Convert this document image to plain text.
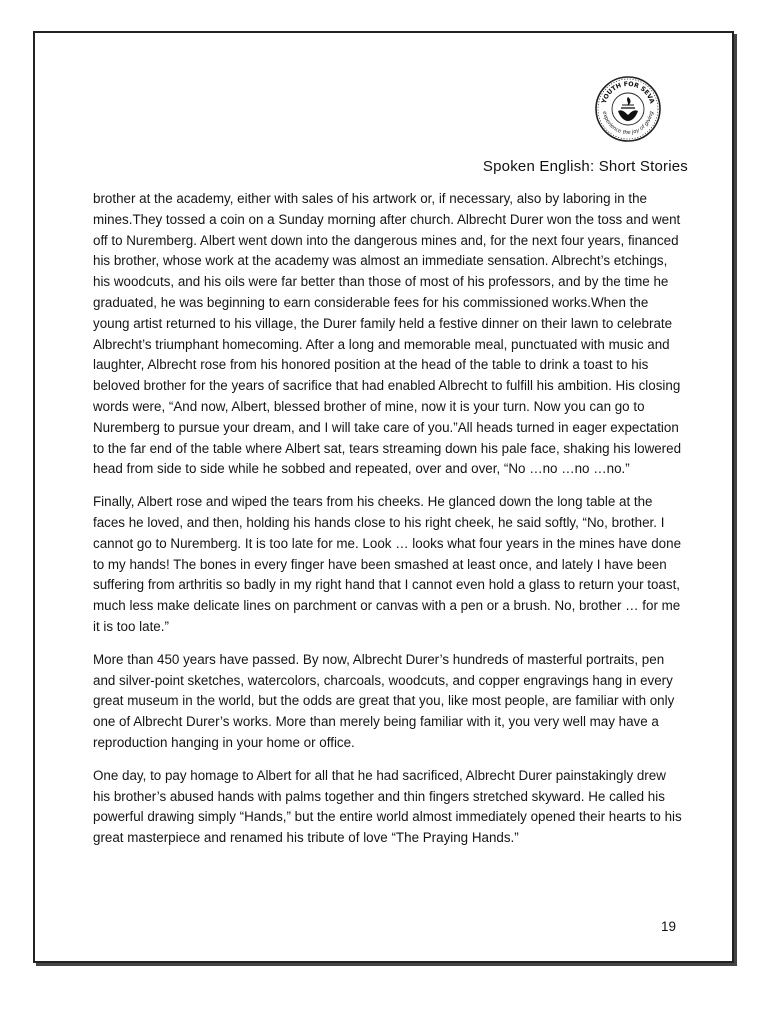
YOUTH FOR SEVA
experience the joy of giving
Spoken English: Short Stories

brother at the academy, either with sales of his artwork or, if necessary, also by laboring in the mines.They tossed a coin on a Sunday morning after church. Albrecht Durer won the toss and went off to Nuremberg. Albert went down into the dangerous mines and, for the next four years, financed his brother, whose work at the academy was almost an immediate sensation. Albrecht’s etchings, his woodcuts, and his oils were far better than those of most of his professors, and by the time he graduated, he was beginning to earn considerable fees for his commissioned works.When the young artist returned to his village, the Durer family held a festive dinner on their lawn to celebrate Albrecht’s triumphant homecoming. After a long and memorable meal, punctuated with music and laughter, Albrecht rose from his honored position at the head of the table to drink a toast to his beloved brother for the years of sacrifice that had enabled Albrecht to fulfill his ambition. His closing words were, “And now, Albert, blessed brother of mine, now it is your turn. Now you can go to Nuremberg to pursue your dream, and I will take care of you.”All heads turned in eager expectation to the far end of the table where Albert sat, tears streaming down his pale face, shaking his lowered head from side to side while he sobbed and repeated, over and over, “No …no …no …no.”

Finally, Albert rose and wiped the tears from his cheeks. He glanced down the long table at the faces he loved, and then, holding his hands close to his right cheek, he said softly, “No, brother. I cannot go to Nuremberg. It is too late for me. Look … looks what four years in the mines have done to my hands! The bones in every finger have been smashed at least once, and lately I have been suffering from arthritis so badly in my right hand that I cannot even hold a glass to return your toast, much less make delicate lines on parchment or canvas with a pen or a brush. No, brother … for me it is too late.”

More than 450 years have passed. By now, Albrecht Durer’s hundreds of masterful portraits, pen and silver-point sketches, watercolors, charcoals, woodcuts, and copper engravings hang in every great museum in the world, but the odds are great that you, like most people, are familiar with only one of Albrecht Durer’s works. More than merely being familiar with it, you very well may have a reproduction hanging in your home or office.

One day, to pay homage to Albert for all that he had sacrificed, Albrecht Durer painstakingly drew his brother’s abused hands with palms together and thin fingers stretched skyward. He called his powerful drawing simply “Hands,” but the entire world almost immediately opened their hearts to his great masterpiece and renamed his tribute of love “The Praying Hands.”

19
